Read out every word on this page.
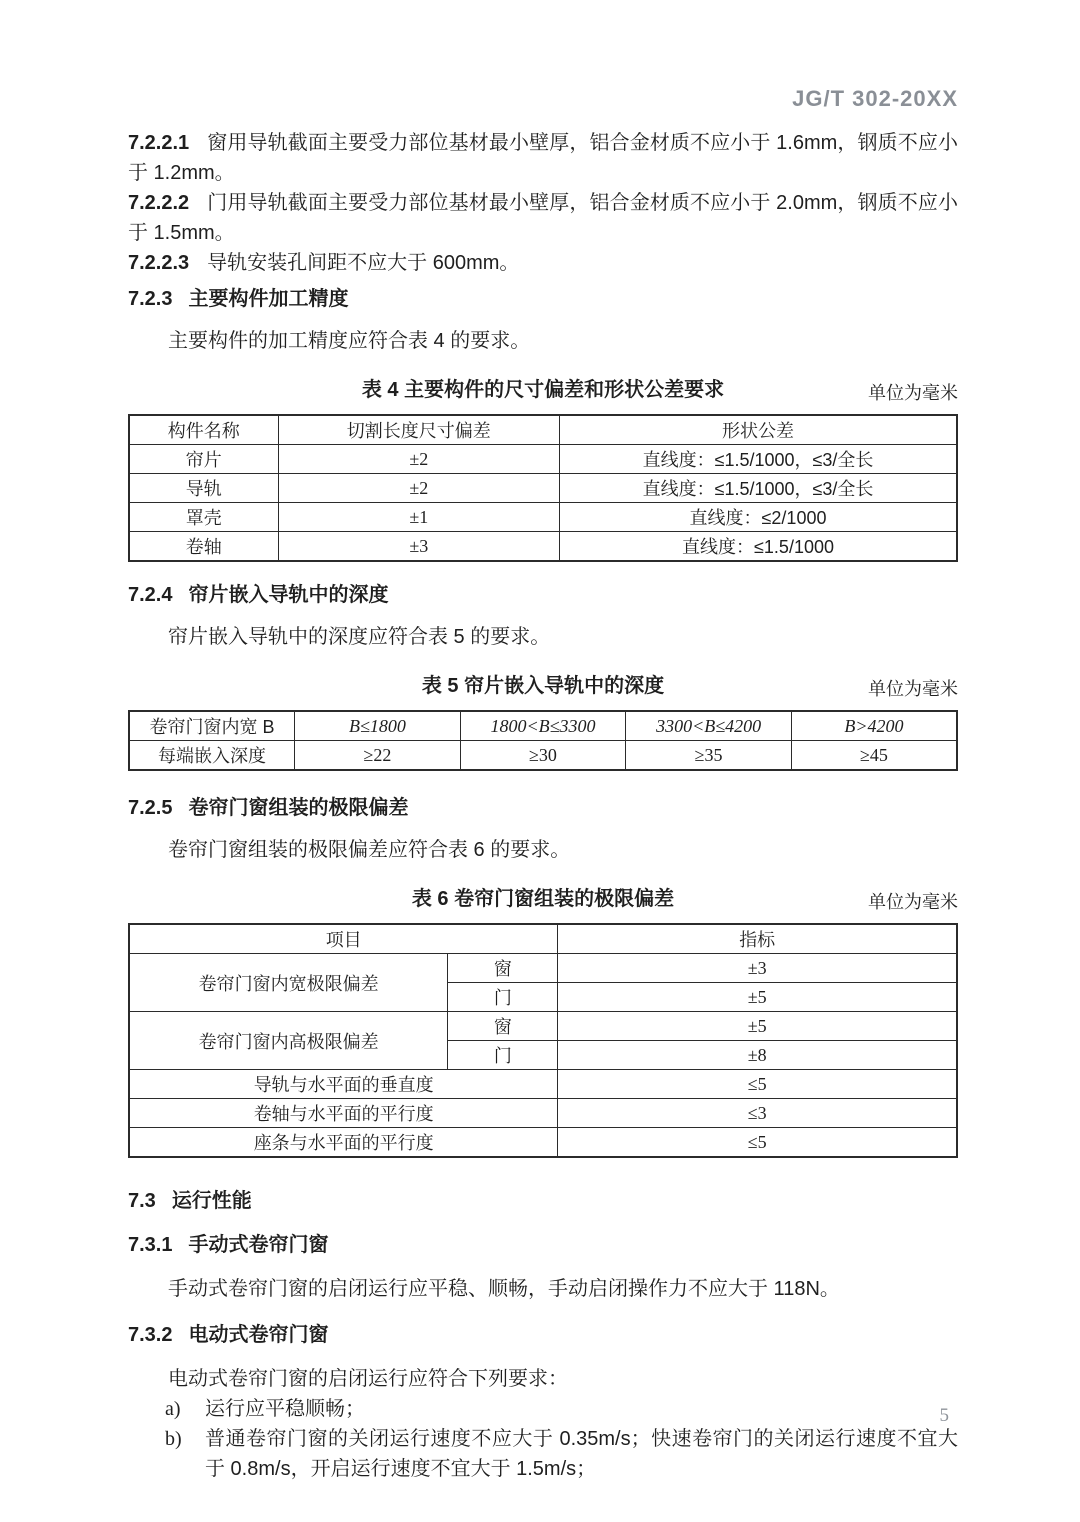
JG/T 302-20XX

7.2.2.1 窗用导轨截面主要受力部位基材最小壁厚，铝合金材质不应小于 1.6mm，钢质不应小于 1.2mm。

7.2.2.2 门用导轨截面主要受力部位基材最小壁厚，铝合金材质不应小于 2.0mm，钢质不应小于 1.5mm。

7.2.2.3 导轨安装孔间距不应大于 600mm。

7.2.3 主要构件加工精度

主要构件的加工精度应符合表 4 的要求。

表 4 主要构件的尺寸偏差和形状公差要求	单位为毫米
构件名称	切割长度尺寸偏差	形状公差
帘片	±2	直线度：≤1.5/1000，≤3/全长
导轨	±2	直线度：≤1.5/1000，≤3/全长
罩壳	±1	直线度：≤2/1000
卷轴	±3	直线度：≤1.5/1000
7.2.4 帘片嵌入导轨中的深度

帘片嵌入导轨中的深度应符合表 5 的要求。

表 5 帘片嵌入导轨中的深度	单位为毫米
卷帘门窗内宽 B	B≤1800	1800<B≤3300	3300<B≤4200	B>4200
每端嵌入深度	≥22	≥30	≥35	≥45
7.2.5 卷帘门窗组装的极限偏差

卷帘门窗组装的极限偏差应符合表 6 的要求。

表 6 卷帘门窗组装的极限偏差	单位为毫米
项目		指标
卷帘门窗内宽极限偏差	窗	±3
	门	±5
卷帘门窗内高极限偏差	窗	±5
	门	±8
导轨与水平面的垂直度		≤5
卷轴与水平面的平行度		≤3
座条与水平面的平行度		≤5
7.3 运行性能
7.3.1 手动式卷帘门窗

手动式卷帘门窗的启闭运行应平稳、顺畅，手动启闭操作力不应大于 118N。

7.3.2 电动式卷帘门窗

电动式卷帘门窗的启闭运行应符合下列要求：

a)	运行应平稳顺畅；
b)	普通卷帘门窗的关闭运行速度不应大于 0.35m/s；快速卷帘门的关闭运行速度不宜大于 0.8m/s，开启运行速度不宜大于 1.5m/s；
5
